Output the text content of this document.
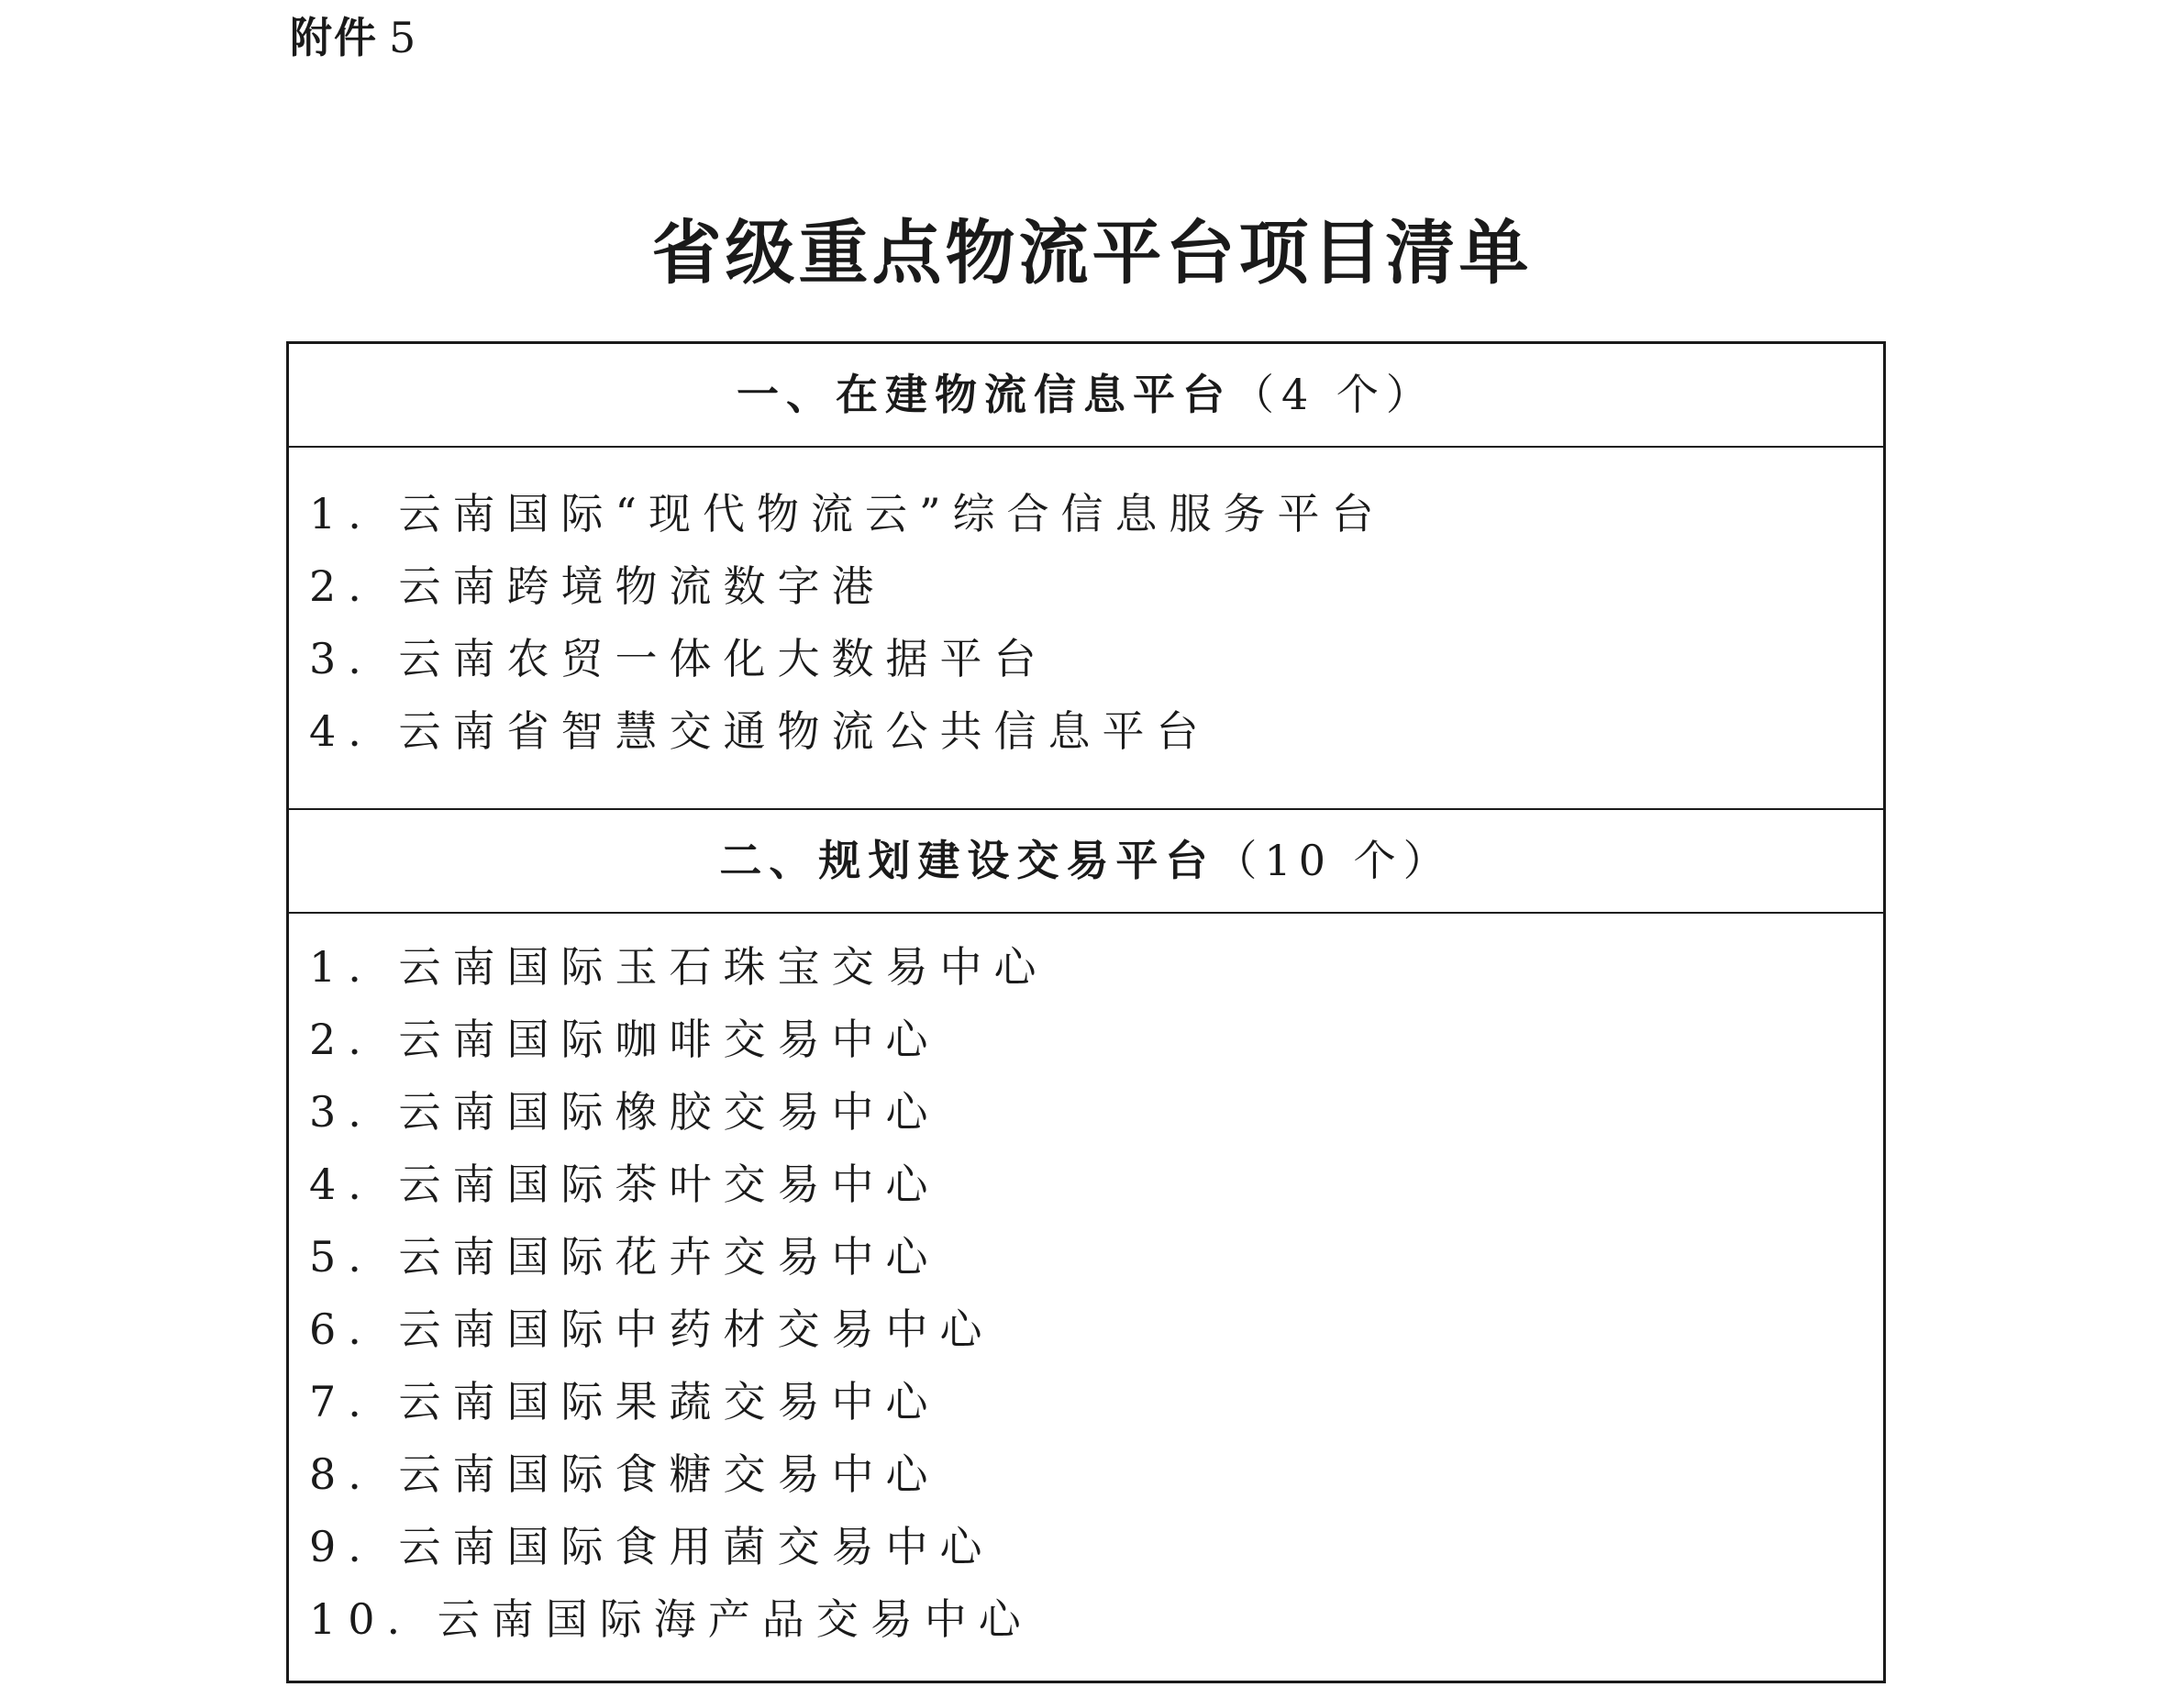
附件 5
省级重点物流平台项目清单
一、在建物流信息平台（4 个）
1. 云南国际“现代物流云”综合信息服务平台
2. 云南跨境物流数字港
3. 云南农贸一体化大数据平台
4. 云南省智慧交通物流公共信息平台
二、规划建设交易平台（10 个）
1. 云南国际玉石珠宝交易中心
2. 云南国际咖啡交易中心
3. 云南国际橡胶交易中心
4. 云南国际茶叶交易中心
5. 云南国际花卉交易中心
6. 云南国际中药材交易中心
7. 云南国际果蔬交易中心
8. 云南国际食糖交易中心
9. 云南国际食用菌交易中心
10. 云南国际海产品交易中心
